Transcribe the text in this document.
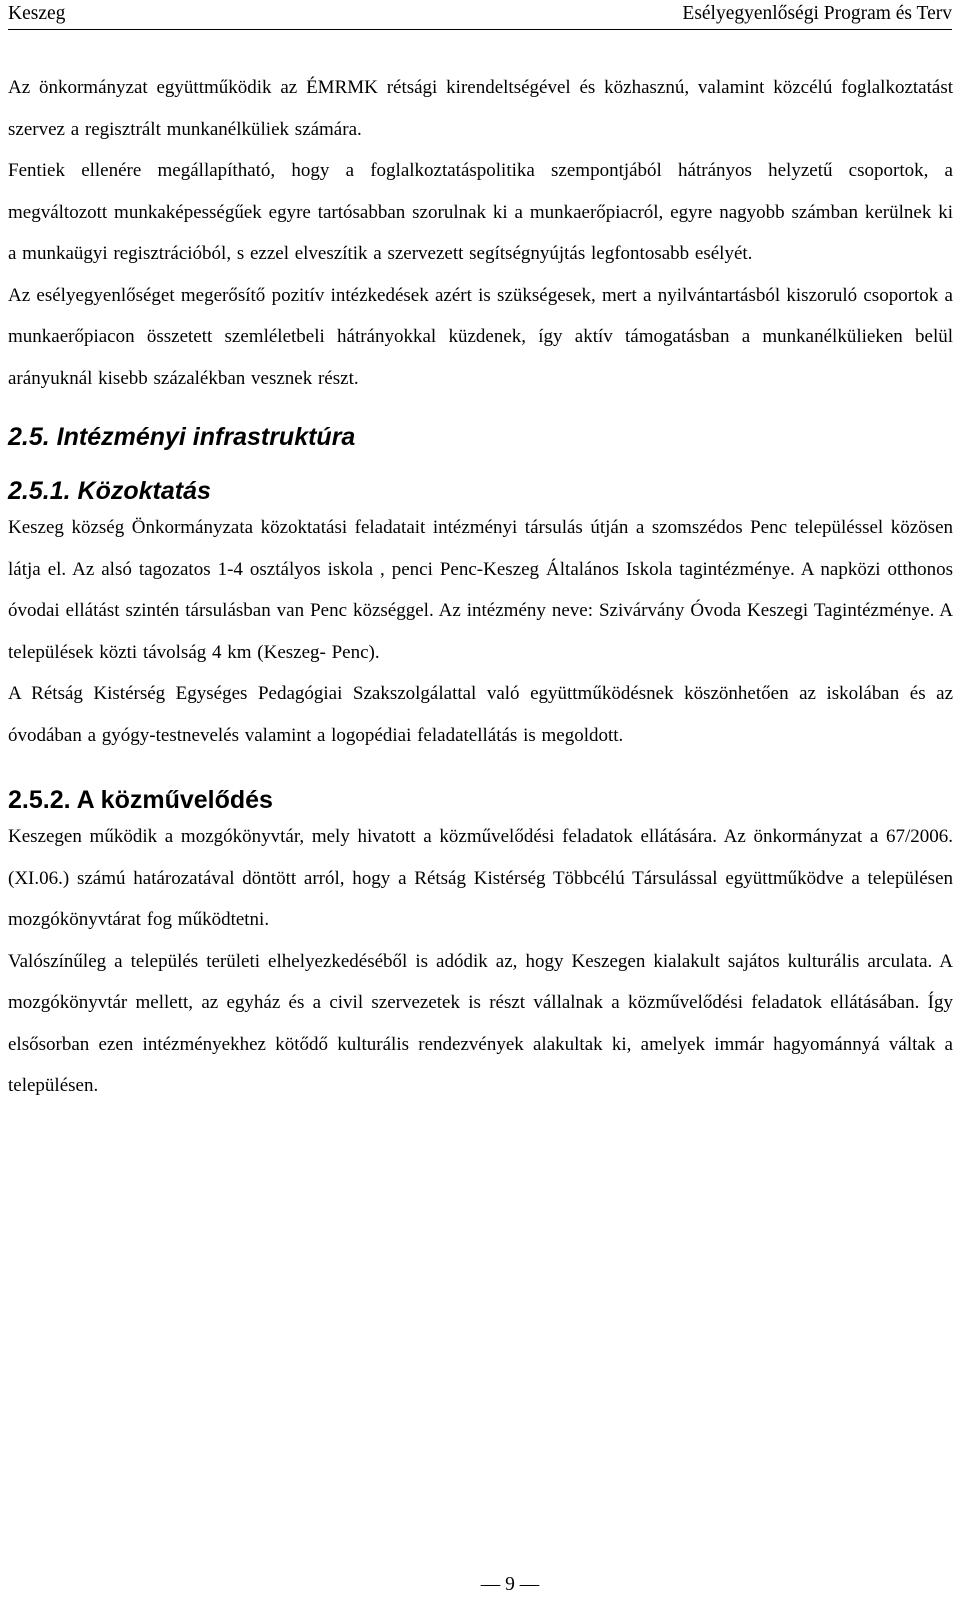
Keszeg	Esélyegyenlőségi Program és Terv

Az önkormányzat együttműködik az ÉMRMK rétsági kirendeltségével és közhasznú, valamint közcélú foglalkoztatást szervez a regisztrált munkanélküliek számára.

Fentiek ellenére megállapítható, hogy a foglalkoztatáspolitika szempontjából hátrányos helyzetű csoportok, a megváltozott munkaképességűek egyre tartósabban szorulnak ki a munkaerőpiacról, egyre nagyobb számban kerülnek ki a munkaügyi regisztrációból, s ezzel elveszítik a szervezett segítségnyújtás legfontosabb esélyét.

Az esélyegyenlőséget megerősítő pozitív intézkedések azért is szükségesek, mert a nyilvántartásból kiszoruló csoportok a munkaerőpiacon összetett szemléletbeli hátrányokkal küzdenek, így aktív támogatásban a munkanélkülieken belül arányuknál kisebb százalékban vesznek részt.

2.5. Intézményi infrastruktúra
2.5.1. Közoktatás

Keszeg község Önkormányzata közoktatási feladatait intézményi társulás útján a szomszédos Penc településsel közösen látja el. Az alsó tagozatos 1-4 osztályos iskola , penci Penc-Keszeg Általános Iskola tagintézménye. A napközi otthonos óvodai ellátást szintén társulásban van Penc községgel. Az intézmény neve: Szivárvány Óvoda Keszegi Tagintézménye. A települések közti távolság 4 km (Keszeg- Penc).

A Rétság Kistérség Egységes Pedagógiai Szakszolgálattal való együttműködésnek köszönhetően az iskolában és az óvodában a gyógy-testnevelés valamint a logopédiai feladatellátás is megoldott.

2.5.2. A közművelődés

Keszegen működik a mozgókönyvtár, mely hivatott a közművelődési feladatok ellátására. Az önkormányzat a 67/2006. (XI.06.) számú határozatával döntött arról, hogy a Rétság Kistérség Többcélú Társulással együttműködve a településen mozgókönyvtárat fog működtetni.

Valószínűleg a település területi elhelyezkedéséből is adódik az, hogy Keszegen kialakult sajátos kulturális arculata. A mozgókönyvtár mellett, az egyház és a civil szervezetek is részt vállalnak a közművelődési feladatok ellátásában. Így elsősorban ezen intézményekhez kötődő kulturális rendezvények alakultak ki, amelyek immár hagyománnyá váltak a településen.

— 9 —
